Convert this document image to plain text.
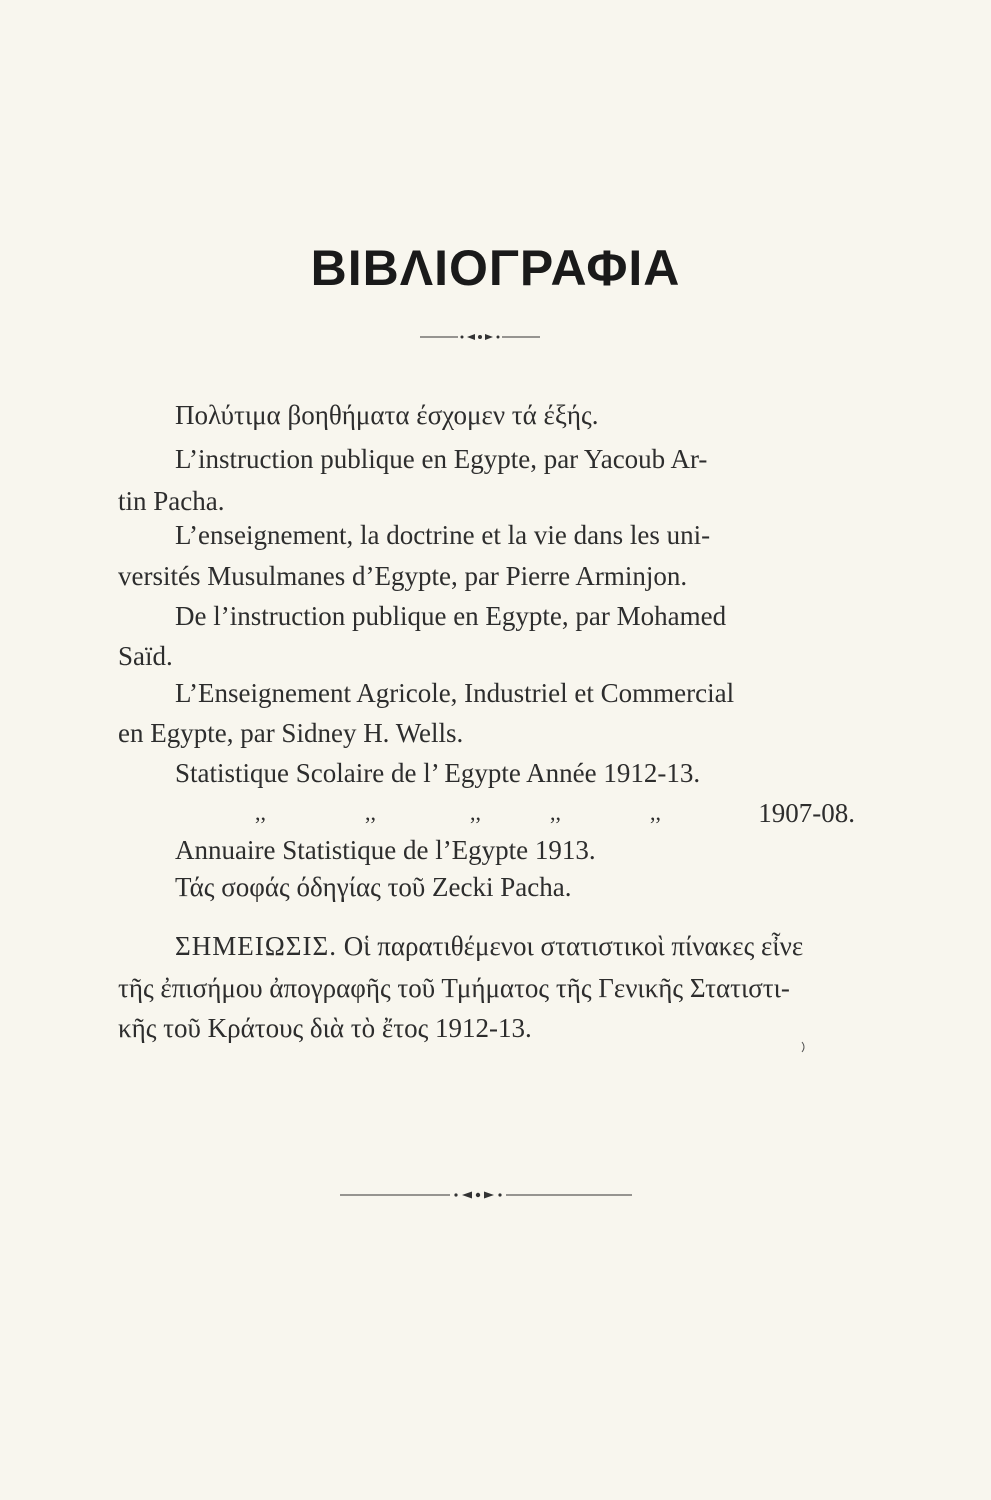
ΒΙΒΛΙΟΓΡΑΦΙΑ
Πολύτιμα βοηθήματα έσχομεν τά έξής.
L’instruction publique en Egypte, par Yacoub Ar-
tin Pacha.
L’enseignement, la doctrine et la vie dans les uni-
versités Musulmanes d’Egypte, par Pierre Arminjon.
De l’instruction publique en Egypte, par Mohamed
Saïd.
L’Enseignement Agricole, Industriel et Commercial
en Egypte, par Sidney H. Wells.
Statistique Scolaire de l’ Egypte Année 1912-13.
,,	,,	,,	,,	,,	1907-08.
Annuaire Statistique de l’Egypte 1913.
Τάς σοφάς όδηγίας τοῦ Zecki Pacha.
ΣΗΜΕΙΩΣΙΣ. Οἱ παρατιθέμενοι στατιστικοὶ πίνακες εἶνε
τῆς ἐπισήμου ἀπογραφῆς τοῦ Τμήματος τῆς Γενικῆς Στατιστι-
κῆς τοῦ Κράτους διὰ τὸ ἔτος 1912-13.
